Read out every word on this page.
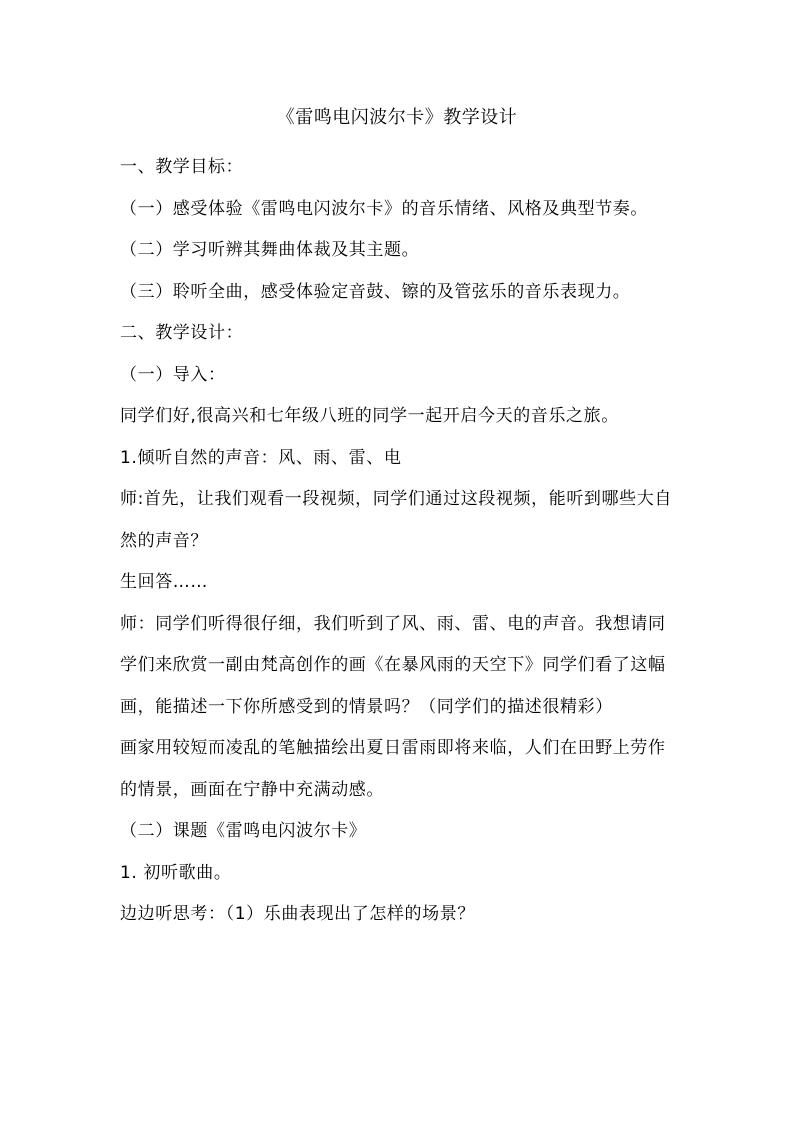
《雷鸣电闪波尔卡》教学设计

一、教学目标：

（一）感受体验《雷鸣电闪波尔卡》的音乐情绪、风格及典型节奏。

（二）学习听辨其舞曲体裁及其主题。

（三）聆听全曲，感受体验定音鼓、镲的及管弦乐的音乐表现力。

二、教学设计：

（一）导入：

同学们好,很高兴和七年级八班的同学一起开启今天的音乐之旅。

1.倾听自然的声音：风、雨、雷、电

师:首先，让我们观看一段视频，同学们通过这段视频，能听到哪些大自然的声音？

生回答……

师：同学们听得很仔细，我们听到了风、雨、雷、电的声音。我想请同学们来欣赏一副由梵高创作的画《在暴风雨的天空下》同学们看了这幅画，能描述一下你所感受到的情景吗？（同学们的描述很精彩）

画家用较短而凌乱的笔触描绘出夏日雷雨即将来临，人们在田野上劳作的情景，画面在宁静中充满动感。

（二）课题《雷鸣电闪波尔卡》

1. 初听歌曲。

边边听思考：（1）乐曲表现出了怎样的场景？
